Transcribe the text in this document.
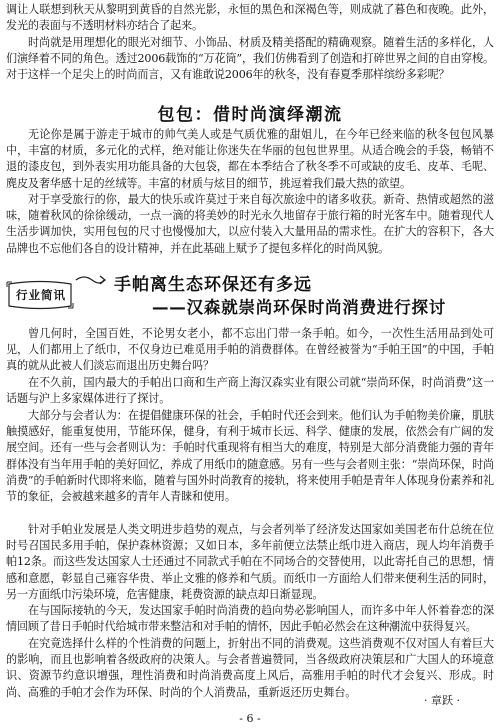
调让人联想到秋天从黎明到黄昏的自然光影，永恒的黑色和深褐色等，则成就了暮色和夜晚。此外，发光的表面与不透明材料亦结合了起来。

时尚就是用理想化的眼光对细节、小饰品、材质及精美搭配的精确观察。随着生活的多样化，人们演绎着不同的角色。透过2006载饰的“万花筒”，我们仿佛看到了创造和打碎世界之间的自由穿梭。对于这样一个足尖上的时尚而言，又有谁敢说2006年的秋冬，没有春夏季那样缤纷多彩呢？

包包：借时尚演绎潮流

无论你是属于游走于城市的帅气美人或是气质优雅的甜姐儿，在今年已经来临的秋冬包包风暴中，丰富的材质，多元化的式样，绝对能让你迷失在华丽的包包世界里。从适合晚会的手袋，畅销不退的漆皮包，到外表实用功能具备的大包袋，都在本季结合了秋冬季不可或缺的皮毛、皮革、毛呢、麂皮及奢华感十足的丝绒等。丰富的材质与炫目的细节，挑逗着我们最大热的欲望。

对于享受旅行的你，最大的快乐或许莫过于来自每次旅途中的诸多收获。新奇、热情或超然的滋味，随着秋风的徐徐缓动，一点一滴的将美妙的时光永久地留存于旅行箱的时光客车中。随着现代人生活步调加快，实用包包的尺寸也慢慢加大，以应付装入大量用品的需求性。在扩大的容积下，各大品牌也不忘他们各自的设计精神，并在此基础上赋予了提包多样化的时尚风貌。

行业简讯	手帕离生态环保还有多远
——汉森就崇尚环保时尚消费进行探讨

曾几何时，全国百姓，不论男女老小，都不忘出门带一条手帕。如今，一次性生活用品到处可见，人们都用上了纸巾，不仅身边已难觅用手帕的消费群体。在曾经被誉为“手帕王国”的中国，手帕真的就从此被人们淡忘而退出历史舞台吗？

在不久前，国内最大的手帕出口商和生产商上海汉森实业有限公司就“崇尚环保，时尚消费”这一话题与沪上多家媒体进行了探讨。

大部分与会者认为：在提倡健康环保的社会，手帕时代还会到来。他们认为手帕物美价廉，肌肤触摸感好，能重复使用，节能环保，健身，有利于城市长远、科学、健康的发展，依然会有广阔的发展空间。还有一些与会者则认为：手帕时代重现将有相当大的难度，特别是大部分消费能力强的青年群体没有当年用手帕的美好回忆，养成了用纸巾的随意感。另有一些与会者则主张：“崇尚环保，时尚消费”的手帕新时代即将来临，随着与国外时尚教育的接轨，将来使用手帕是青年人体现身份素养和礼节的象征，会被越来越多的青年人青睐和使用。

针对手帕业发展是人类文明进步趋势的观点，与会者列举了经济发达国家如美国老布什总统在位时号召国民多用手帕，保护森林资源；又如日本，多年前便立法禁止纸巾进入商店，现人均年消费手帕12条。而这些发达国家人士还通过不同款式手帕在不同场合的交替使用，以此寄托自己的思想，情感和意愿，彰显自己雍容华贵、举止文雅的修养和气质。而纸巾一方面给人们带来便利生活的同时，另一方面纸巾污染环境，危害健康，耗费资源的缺点却日渐显现。

在与国际接轨的今天，发达国家手帕时尚消费的趋向势必影响国人，而许多中年人怀着眷恋的深情回顾了昔日手帕时代给城市带来整洁和对手帕的情怀，因此手帕必然会在这种潮流中获得复兴。

在究竟选择什么样的个性消费的问题上，折射出不同的消费观。这些消费观不仅对国人有着巨大的影响，而且也影响着各级政府的决策人。与会者普遍赞同，当各级政府决策层和广大国人的环境意识、资源节约意识增强，理性消费和时尚消费高度上风后，高雅用手帕的时代才会复兴、形成。时尚、高雅的手帕才会作为环保、时尚的个人消费品，重新返还历史舞台。

· 章跃 ·
- 6 -
